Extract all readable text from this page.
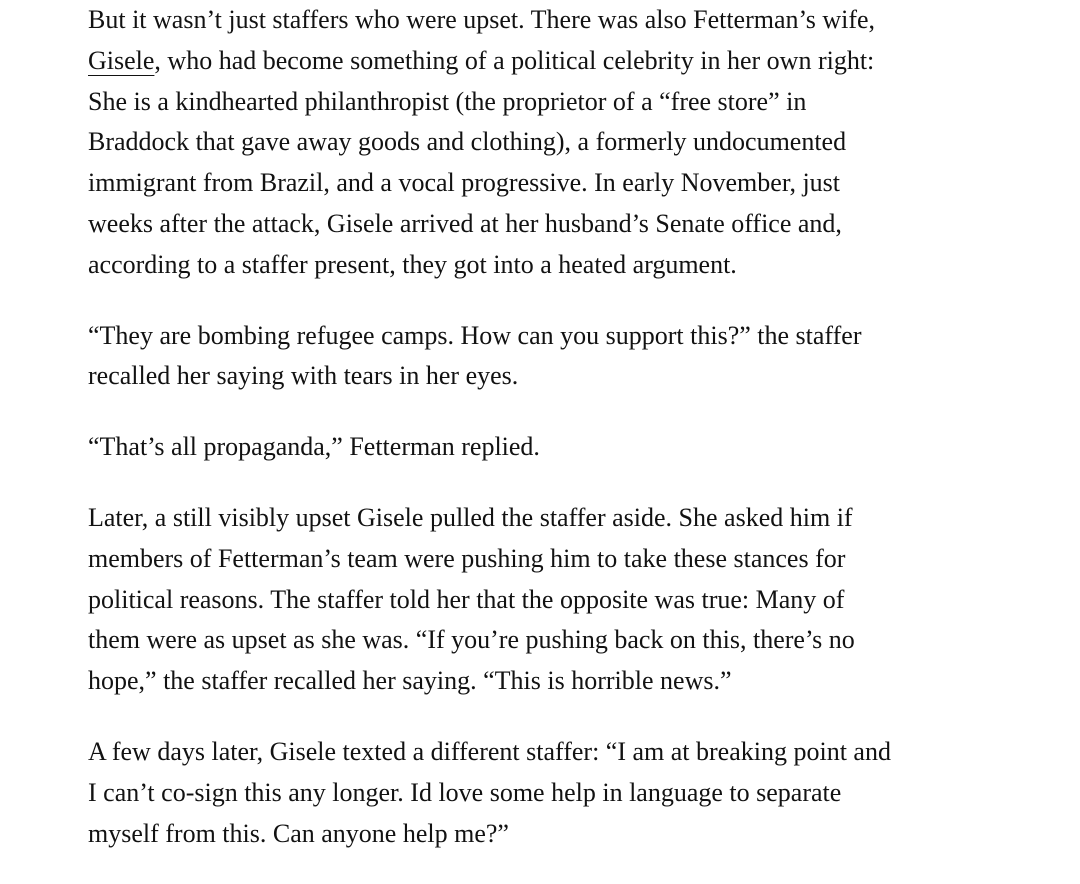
But it wasn’t just staffers who were upset. There was also Fetterman’s wife,
Gisele, who had become something of a political celebrity in her own right:
She is a kindhearted philanthropist (the proprietor of a “free store” in
Braddock that gave away goods and clothing), a formerly undocumented
immigrant from Brazil, and a vocal progressive. In early November, just
weeks after the attack, Gisele arrived at her husband’s Senate office and,
according to a staffer present, they got into a heated argument.

“They are bombing refugee camps. How can you support this?” the staffer
recalled her saying with tears in her eyes.

“That’s all propaganda,” Fetterman replied.

Later, a still visibly upset Gisele pulled the staffer aside. She asked him if
members of Fetterman’s team were pushing him to take these stances for
political reasons. The staffer told her that the opposite was true: Many of
them were as upset as she was. “If you’re pushing back on this, there’s no
hope,” the staffer recalled her saying. “This is horrible news.”

A few days later, Gisele texted a different staffer: “I am at breaking point and
I can’t co-sign this any longer. Id love some help in language to separate
myself from this. Can anyone help me?”
